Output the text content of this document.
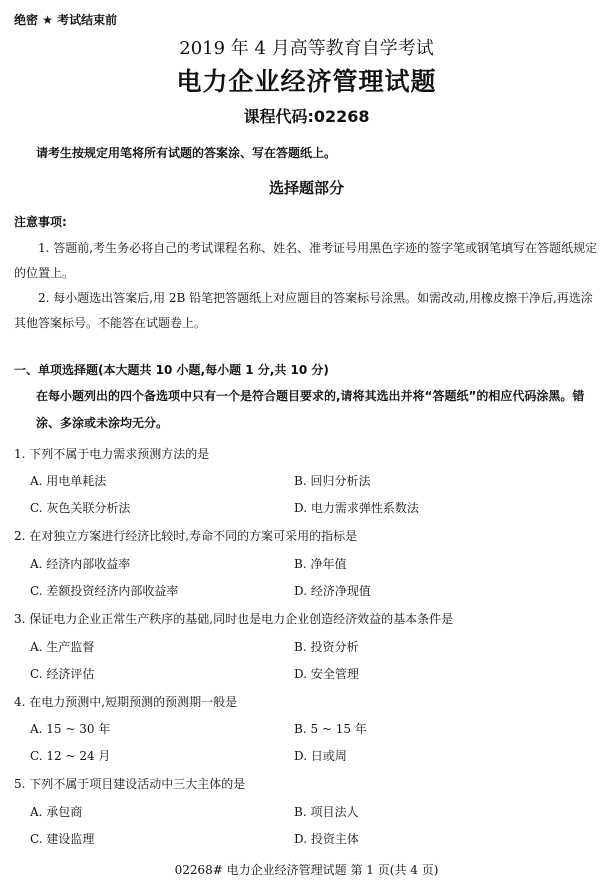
绝密 ★ 考试结束前
2019 年 4 月高等教育自学考试
电力企业经济管理试题
课程代码:02268
请考生按规定用笔将所有试题的答案涂、写在答题纸上。
选择题部分
注意事项:
1. 答题前,考生务必将自己的考试课程名称、姓名、准考证号用黑色字迹的签字笔或钢笔填写在答题纸规定的位置上。
2. 每小题选出答案后,用 2B 铅笔把答题纸上对应题目的答案标号涂黑。如需改动,用橡皮擦干净后,再选涂其他答案标号。不能答在试题卷上。
一、单项选择题(本大题共 10 小题,每小题 1 分,共 10 分)
在每小题列出的四个备选项中只有一个是符合题目要求的,请将其选出并将“答题纸”的相应代码涂黑。错涂、多涂或未涂均无分。
1. 下列不属于电力需求预测方法的是
A. 用电单耗法	B. 回归分析法
C. 灰色关联分析法	D. 电力需求弹性系数法
2. 在对独立方案进行经济比较时,寿命不同的方案可采用的指标是
A. 经济内部收益率	B. 净年值
C. 差额投资经济内部收益率	D. 经济净现值
3. 保证电力企业正常生产秩序的基础,同时也是电力企业创造经济效益的基本条件是
A. 生产监督	B. 投资分析
C. 经济评估	D. 安全管理
4. 在电力预测中,短期预测的预测期一般是
A. 15 ~ 30 年	B. 5 ~ 15 年
C. 12 ~ 24 月	D. 日或周
5. 下列不属于项目建设活动中三大主体的是
A. 承包商	B. 项目法人
C. 建设监理	D. 投资主体
02268# 电力企业经济管理试题 第 1 页(共 4 页)
